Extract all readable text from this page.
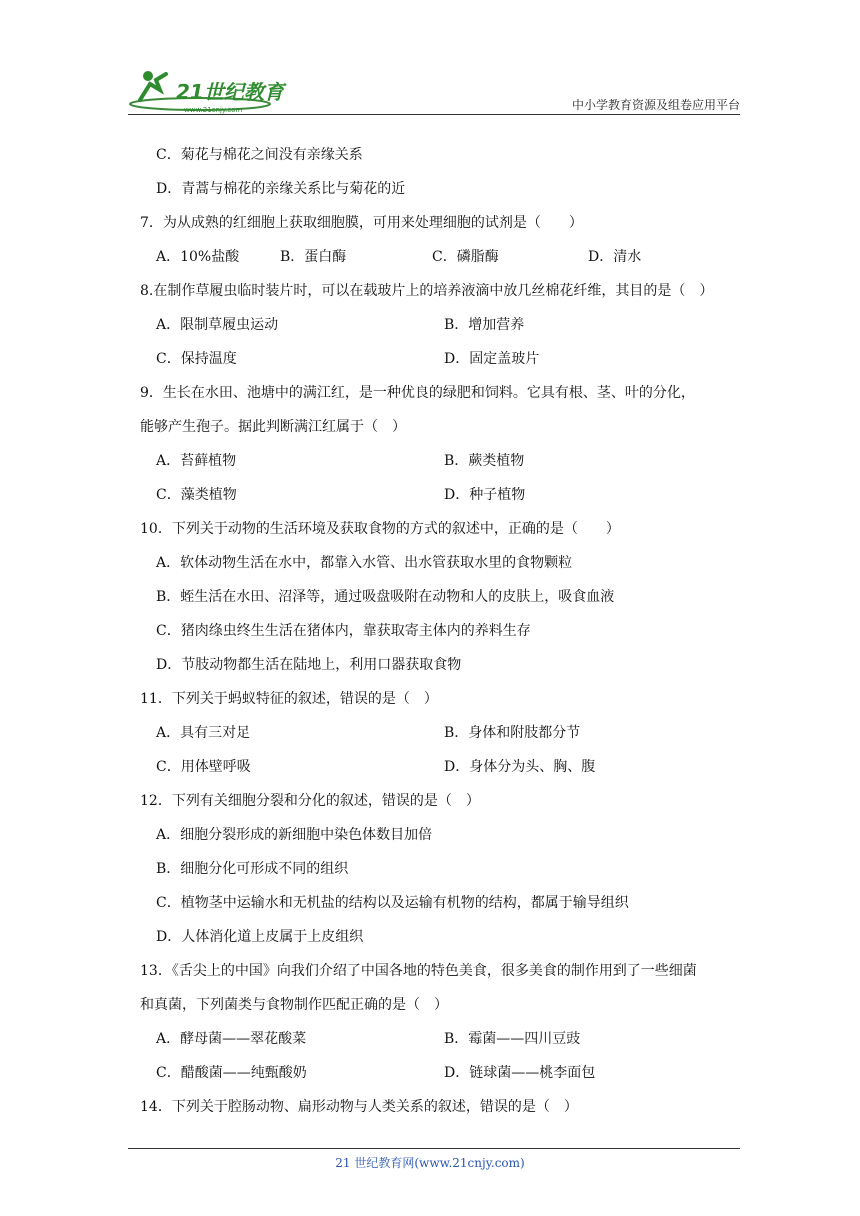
21世纪教育
www.21cnjy.com	中小学教育资源及组卷应用平台
C．菊花与棉花之间没有亲缘关系
D．青蒿与棉花的亲缘关系比与菊花的近
7．为从成熟的红细胞上获取细胞膜，可用来处理细胞的试剂是（　　）
A．10%盐酸	B．蛋白酶	C．磷脂酶	D．清水
8.在制作草履虫临时装片时，可以在载玻片上的培养液滴中放几丝棉花纤维，其目的是（　）
A．限制草履虫运动	B．增加营养
C．保持温度	D．固定盖玻片
9．生长在水田、池塘中的满江红，是一种优良的绿肥和饲料。它具有根、茎、叶的分化，
能够产生孢子。据此判断满江红属于（　）
A．苔藓植物	B．蕨类植物
C．藻类植物	D．种子植物
10．下列关于动物的生活环境及获取食物的方式的叙述中，正确的是（　　）
A．软体动物生活在水中，都靠入水管、出水管获取水里的食物颗粒
B．蛭生活在水田、沼泽等，通过吸盘吸附在动物和人的皮肤上，吸食血液
C．猪肉绦虫终生生活在猪体内，靠获取寄主体内的养料生存
D．节肢动物都生活在陆地上，利用口器获取食物
11．下列关于蚂蚁特征的叙述，错误的是（　）
A．具有三对足	B．身体和附肢都分节
C．用体壁呼吸	D．身体分为头、胸、腹
12．下列有关细胞分裂和分化的叙述，错误的是（　）
A．细胞分裂形成的新细胞中染色体数目加倍
B．细胞分化可形成不同的组织
C．植物茎中运输水和无机盐的结构以及运输有机物的结构，都属于输导组织
D．人体消化道上皮属于上皮组织
13．《舌尖上的中国》向我们介绍了中国各地的特色美食，很多美食的制作用到了一些细菌
和真菌，下列菌类与食物制作匹配正确的是（　）
A．酵母菌——翠花酸菜	B．霉菌——四川豆豉
C．醋酸菌——纯甄酸奶	D．链球菌——桃李面包
14．下列关于腔肠动物、扁形动物与人类关系的叙述，错误的是（　）
21 世纪教育网(www.21cnjy.com)
